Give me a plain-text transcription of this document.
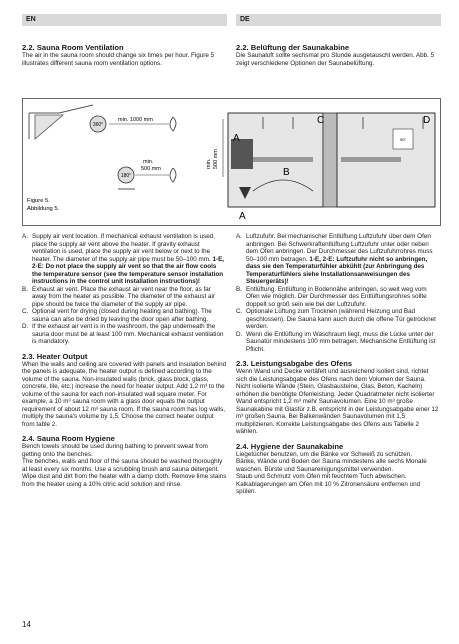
EN	DE

2.2. Sauna Room Ventilation

The air in the sauna room should change six times per hour. Figure 5 illustrates different sauna room ventilation options.

2.2. Belüftung der Saunakabine

Die Saunaluft sollte sechsmal pro Stunde ausgetauscht werden. Abb. 5 zeigt verschiedene Optionen der Saunabelüftung.

360°
min. 1000 mm
180°
min.
500 mm
Figure 5.
Abbildung 5.
min. 500 mm
90°
A
A
B
C	D
A. Supply air vent location. If mechanical exhaust ventilation is used, place the supply air vent above the heater. If gravity exhaust ventilation is used, place the supply air vent below or next to the heater. The diameter of the supply air pipe must be 50–100 mm. 1-E, 2-E: Do not place the supply air vent so that the air flow cools the temperature sensor (see the temperature sensor installation instructions in the control unit installation instructions)!
B. Exhaust air vent. Place the exhaust air vent near the floor, as far away from the heater as possible. The diameter of the exhaust air pipe should be twice the diameter of the supply air pipe.
C. Optional vent for drying (closed during heating and bathing). The sauna can also be dried by leaving the door open after bathing.
D. If the exhaust air vent is in the washroom, the gap underneath the sauna door must be at least 100 mm. Mechanical exhaust ventilation is mandatory.

2.3. Heater Output

When the walls and ceiling are covered with panels and insulation behind the panels is adequate, the heater output is defined according to the volume of the sauna. Non-insulated walls (brick, glass block, glass, concrete, tile, etc.) increase the need for heater output. Add 1,2 m³ to the volume of the sauna for each non-insulated wall square meter. For example, a 10 m³ sauna room with a glass door equals the output requirement of about 12 m³ sauna room. If the sauna room has log walls, multiply the sauna's volume by 1,5. Choose the correct heater output from table 2.

2.4. Sauna Room Hygiene

Bench towels should be used during bathing to prevent sweat from getting onto the benches.

The benches, walls and floor of the sauna should be washed thoroughly at least every six months. Use a scrubbing brush and sauna detergent.

Wipe dust and dirt from the heater with a damp cloth. Remove lime stains from the heater using a 10% citric acid solution and rinse.

A. Luftzufuhr. Bei mechanischer Entlüftung Luftzufuhr über dem Ofen anbringen. Bei Schwerkraftentlüftung Luftzufuhr unter oder neben dem Ofen anbringen. Der Durchmesser des Luftzufuhrrohres muss 50–100 mm betragen. 1-E, 2-E: Luftzufuhr nicht so anbringen, dass sie den Temperaturfühler abkühlt (zur Anbringung des Temperaturfühlers siehe Installationsanweisungen des Steuergeräts)!
B. Entlüftung. Entlüftung in Bodennähe anbringen, so weit weg vom Ofen wie möglich. Der Durchmesser des Entlüftungsrohres sollte doppelt so groß sein wie bei der Luftzufuhr.
C. Optionale Lüftung zum Trocknen (während Heizung und Bad geschlossen). Die Sauna kann auch durch die offene Tür getrocknet werden.
D. Wenn die Entlüftung im Waschraum liegt, muss die Lücke unter der Saunatür mindestens 100 mm betragen. Mechanische Entlüftung ist Pflicht.

2.3. Leistungsabgabe des Ofens

Wenn Wand und Decke vertäfelt und ausreichend isoliert sind, richtet sich die Leistungsabgabe des Ofens nach dem Volumen der Sauna. Nicht isolierte Wände (Stein, Glasbausteine, Glas, Beton, Kacheln) erhöhen die benötigte Ofenleistung. Jeder Quadratmeter nicht isolierter Wand entspricht 1,2 m³ mehr Saunavolumen. Eine 10 m³ große Saunakabine mit Glastür z.B. entspricht in der Leistungsabgabe einer 12 m³ großen Sauna. Bei Balkenwänden Saunavolumen mit 1,5 multiplizieren. Korrekte Leistungsabgabe des Ofens aus Tabelle 2 wählen.

2.4. Hygiene der Saunakabine

Liegetücher benutzen, um die Bänke vor Schweiß zu schützen.

Bänke, Wände und Boden der Sauna mindestens alle sechs Monate waschen. Bürste und Saunareinigungsmittel verwenden.

Staub und Schmutz vom Ofen mit feuchtem Tuch abwischen. Kalkablagerungen am Ofen mit 10 % Zitronensäure entfernen und spülen.

14
